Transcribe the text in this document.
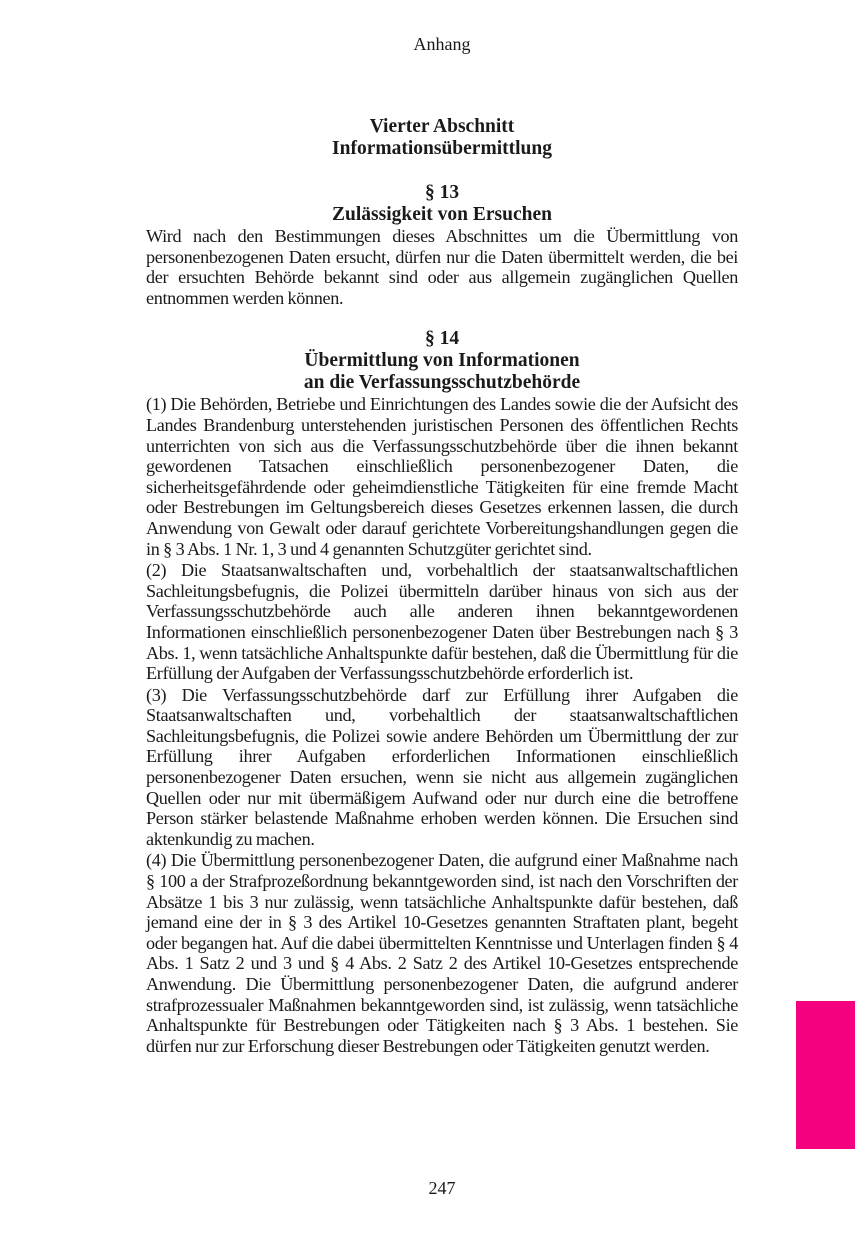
Anhang
Vierter Abschnitt
Informationsübermittlung
§ 13
Zulässigkeit von Ersuchen

Wird nach den Bestimmungen dieses Abschnittes um die Übermittlung von personenbezogenen Daten ersucht, dürfen nur die Daten übermittelt werden, die bei der ersuchten Behörde bekannt sind oder aus allgemein zugänglichen Quellen entnommen werden können.

§ 14
Übermittlung von Informationen
an die Verfassungsschutzbehörde

(1) Die Behörden, Betriebe und Einrichtungen des Landes sowie die der Aufsicht des Landes Brandenburg unterstehenden juristischen Personen des öffentlichen Rechts unterrichten von sich aus die Verfassungsschutzbehörde über die ihnen bekannt gewordenen Tatsachen einschließlich personenbezogener Daten, die sicherheitsgefährdende oder geheimdienstliche Tätigkeiten für eine fremde Macht oder Bestrebungen im Geltungsbereich dieses Gesetzes erkennen lassen, die durch Anwendung von Gewalt oder darauf gerichtete Vorbereitungshandlungen gegen die in § 3 Abs. 1 Nr. 1, 3 und 4 genannten Schutzgüter gerichtet sind.

(2) Die Staatsanwaltschaften und, vorbehaltlich der staatsanwaltschaftlichen Sachleitungsbefugnis, die Polizei übermitteln darüber hinaus von sich aus der Verfassungsschutzbehörde auch alle anderen ihnen bekanntgewordenen Informationen einschließlich personenbezogener Daten über Bestrebungen nach § 3 Abs. 1, wenn tatsächliche Anhaltspunkte dafür bestehen, daß die Übermittlung für die Erfüllung der Aufgaben der Verfassungsschutzbehörde erforderlich ist.

(3) Die Verfassungsschutzbehörde darf zur Erfüllung ihrer Aufgaben die Staatsanwaltschaften und, vorbehaltlich der staatsanwaltschaftlichen Sachleitungsbefugnis, die Polizei sowie andere Behörden um Übermittlung der zur Erfüllung ihrer Aufgaben erforderlichen Informationen einschließlich personenbezogener Daten ersuchen, wenn sie nicht aus allgemein zugänglichen Quellen oder nur mit übermäßigem Aufwand oder nur durch eine die betroffene Person stärker belastende Maßnahme erhoben werden können. Die Ersuchen sind aktenkundig zu machen.

(4) Die Übermittlung personenbezogener Daten, die aufgrund einer Maßnahme nach § 100 a der Strafprozeßordnung bekanntgeworden sind, ist nach den Vorschriften der Absätze 1 bis 3 nur zulässig, wenn tatsächliche Anhaltspunkte dafür bestehen, daß jemand eine der in § 3 des Artikel 10-Gesetzes genannten Straftaten plant, begeht oder begangen hat. Auf die dabei übermittelten Kenntnisse und Unterlagen finden § 4 Abs. 1 Satz 2 und 3 und § 4 Abs. 2 Satz 2 des Artikel 10-Gesetzes entsprechende Anwendung. Die Übermittlung personenbezogener Daten, die aufgrund anderer strafprozessualer Maßnahmen bekanntgeworden sind, ist zulässig, wenn tatsächliche Anhaltspunkte für Bestrebungen oder Tätigkeiten nach § 3 Abs. 1 bestehen. Sie dürfen nur zur Erforschung dieser Bestrebungen oder Tätigkeiten genutzt werden.

247
